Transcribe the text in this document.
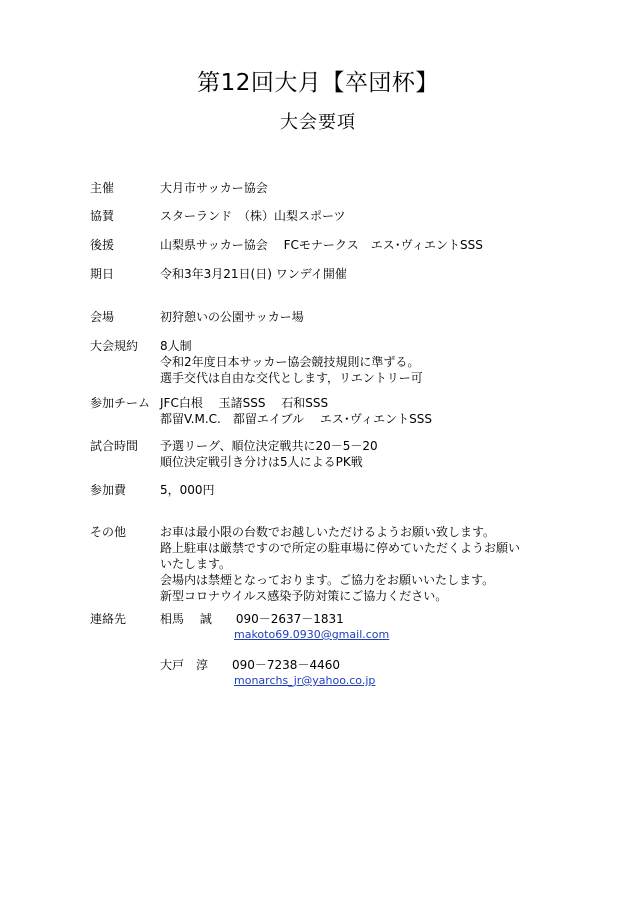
第12回大月【卒団杯】
大会要項
主催	大月市サッカー協会
協賛	スターランド　（株）山梨スポーツ
後援	山梨県サッカー協会　 FCモナークス　エス･ヴィエントSSS
期日	令和3年3月21日(日) ワンデイ開催
会場	初狩憩いの公園サッカー場
大会規約 8人制
令和2年度日本サッカー協会競技規則に準ずる。
選手交代は自由な交代とします，リエントリー可
参加チーム JFC白根　 玉諸SSS　 石和SSS
都留V.M.C.　都留エイブル　 エス･ヴィエントSSS
試合時間 予選リーグ、順位決定戦共に20－5－20
順位決定戦引き分けは5人によるPK戦
参加費	5，000円
その他	お車は最小限の台数でお越しいただけるようお願い致します。
路上駐車は厳禁ですので所定の駐車場に停めていただくようお願い
いたします。
会場内は禁煙となっております。ご協力をお願いいたします。
新型コロナウイルス感染予防対策にご協力ください。
連絡先	相馬　 誠　　090－2637－1831
makoto69.0930@gmail.com
大戸　淳　　090－7238－4460
monarchs_jr@yahoo.co.jp
